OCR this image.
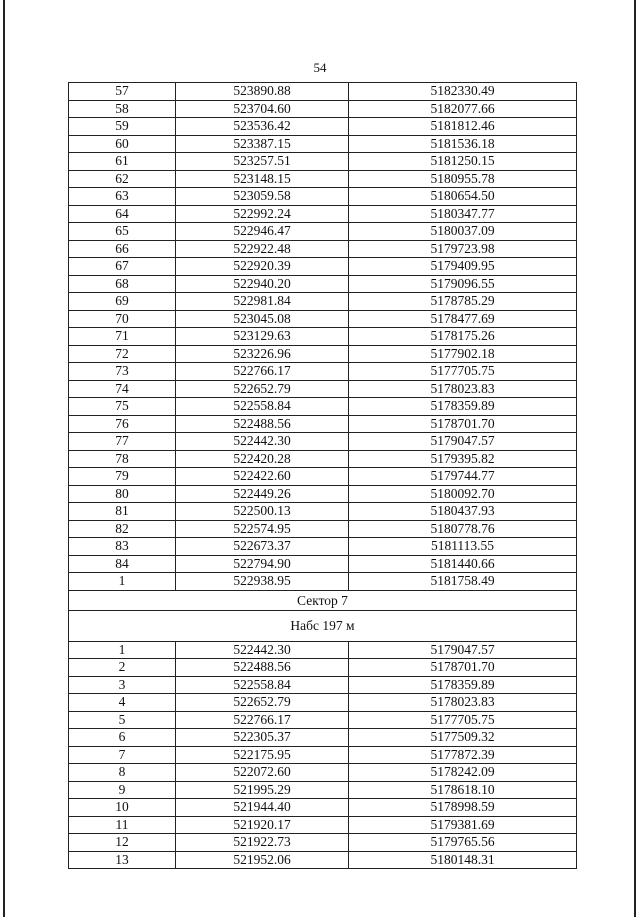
54
57	523890.88	5182330.49
58	523704.60	5182077.66
59	523536.42	5181812.46
60	523387.15	5181536.18
61	523257.51	5181250.15
62	523148.15	5180955.78
63	523059.58	5180654.50
64	522992.24	5180347.77
65	522946.47	5180037.09
66	522922.48	5179723.98
67	522920.39	5179409.95
68	522940.20	5179096.55
69	522981.84	5178785.29
70	523045.08	5178477.69
71	523129.63	5178175.26
72	523226.96	5177902.18
73	522766.17	5177705.75
74	522652.79	5178023.83
75	522558.84	5178359.89
76	522488.56	5178701.70
77	522442.30	5179047.57
78	522420.28	5179395.82
79	522422.60	5179744.77
80	522449.26	5180092.70
81	522500.13	5180437.93
82	522574.95	5180778.76
83	522673.37	5181113.55
84	522794.90	5181440.66
1	522938.95	5181758.49
Сектор 7		
Набс 197 м		
1	522442.30	5179047.57
2	522488.56	5178701.70
3	522558.84	5178359.89
4	522652.79	5178023.83
5	522766.17	5177705.75
6	522305.37	5177509.32
7	522175.95	5177872.39
8	522072.60	5178242.09
9	521995.29	5178618.10
10	521944.40	5178998.59
11	521920.17	5179381.69
12	521922.73	5179765.56
13	521952.06	5180148.31
